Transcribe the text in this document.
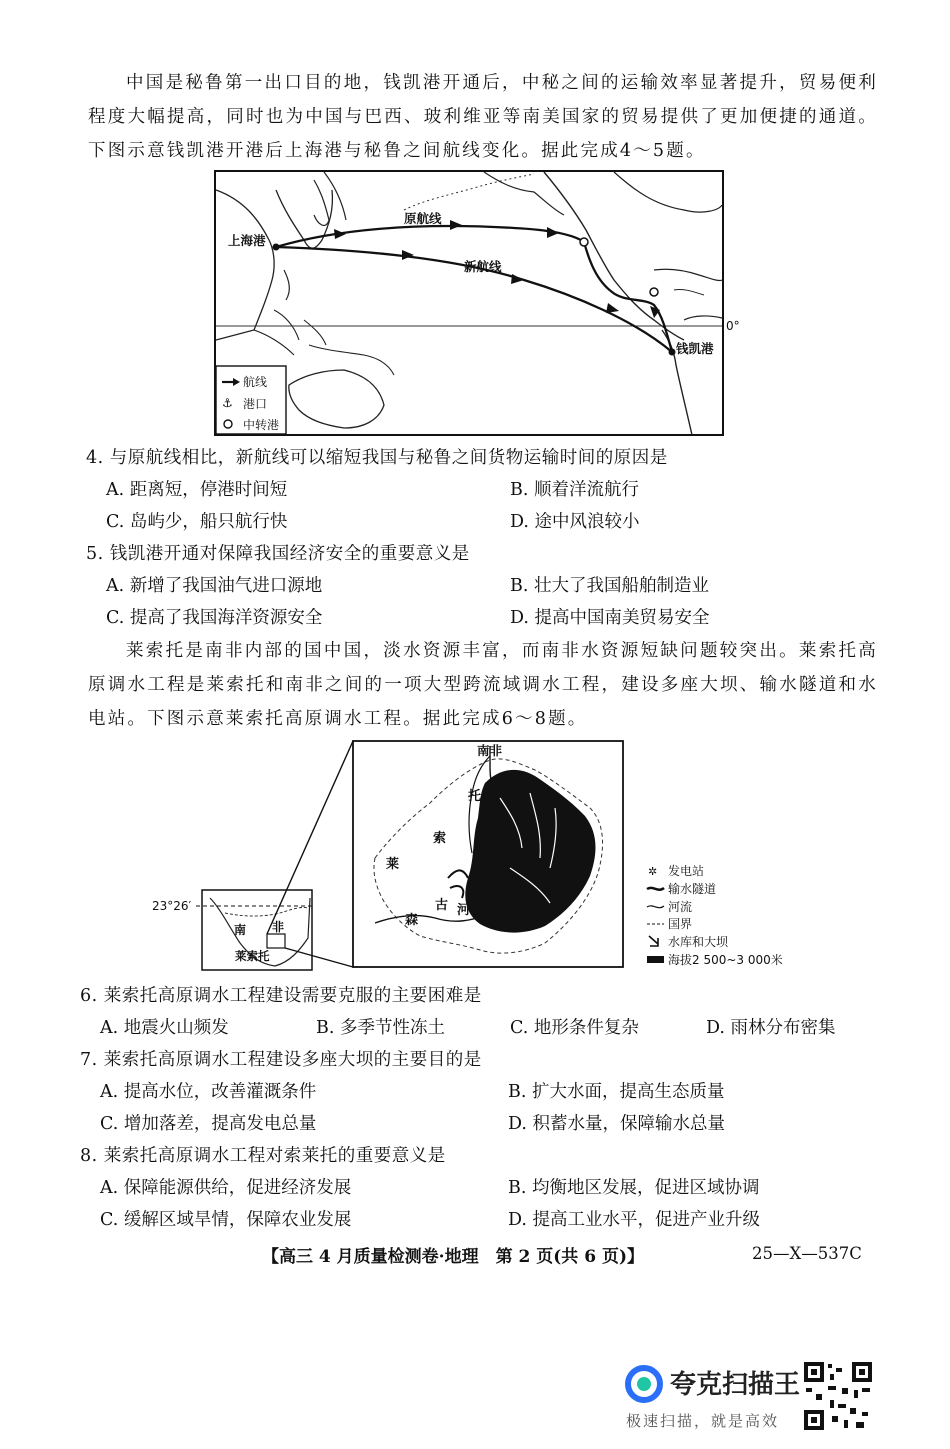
中国是秘鲁第一出口目的地，钱凯港开通后，中秘之间的运输效率显著提升，贸易便利程度大幅提高，同时也为中国与巴西、玻利维亚等南美国家的贸易提供了更加便捷的通道。下图示意钱凯港开港后上海港与秘鲁之间航线变化。据此完成4～5题。
0°
上海港
原航线
新航线
钱凯港
航线
⚓ 港口
中转港
4. 与原航线相比，新航线可以缩短我国与秘鲁之间货物运输时间的原因是
A. 距离短，停港时间短	B. 顺着洋流航行
C. 岛屿少，船只航行快	D. 途中风浪较小
5. 钱凯港开通对保障我国经济安全的重要意义是
A. 新增了我国油气进口源地	B. 壮大了我国船舶制造业
C. 提高了我国海洋资源安全	D. 提高中国南美贸易安全
莱索托是南非内部的国中国，淡水资源丰富，而南非水资源短缺问题较突出。莱索托高原调水工程是莱索托和南非之间的一项大型跨流域调水工程，建设多座大坝、输水隧道和水电站。下图示意莱索托高原调水工程。据此完成6～8题。
23°26′
南 非
莱索托
南非
托
索
莱
森
古 河
✲ 发电站
输水隧道
河流
国界
水库和大坝
海拔2 500~3 000米
6. 莱索托高原调水工程建设需要克服的主要困难是
A. 地震火山频发	B. 多季节性冻土	C. 地形条件复杂	D. 雨林分布密集
7. 莱索托高原调水工程建设多座大坝的主要目的是
A. 提高水位，改善灌溉条件	B. 扩大水面，提高生态质量
C. 增加落差，提高发电总量	D. 积蓄水量，保障输水总量
8. 莱索托高原调水工程对索莱托的重要意义是
A. 保障能源供给，促进经济发展	B. 均衡地区发展，促进区域协调
C. 缓解区域旱情，保障农业发展	D. 提高工业水平，促进产业升级
【高三 4 月质量检测卷·地理　第 2 页(共 6 页)】	25—X—537C
夸克扫描王
极速扫描，就是高效
